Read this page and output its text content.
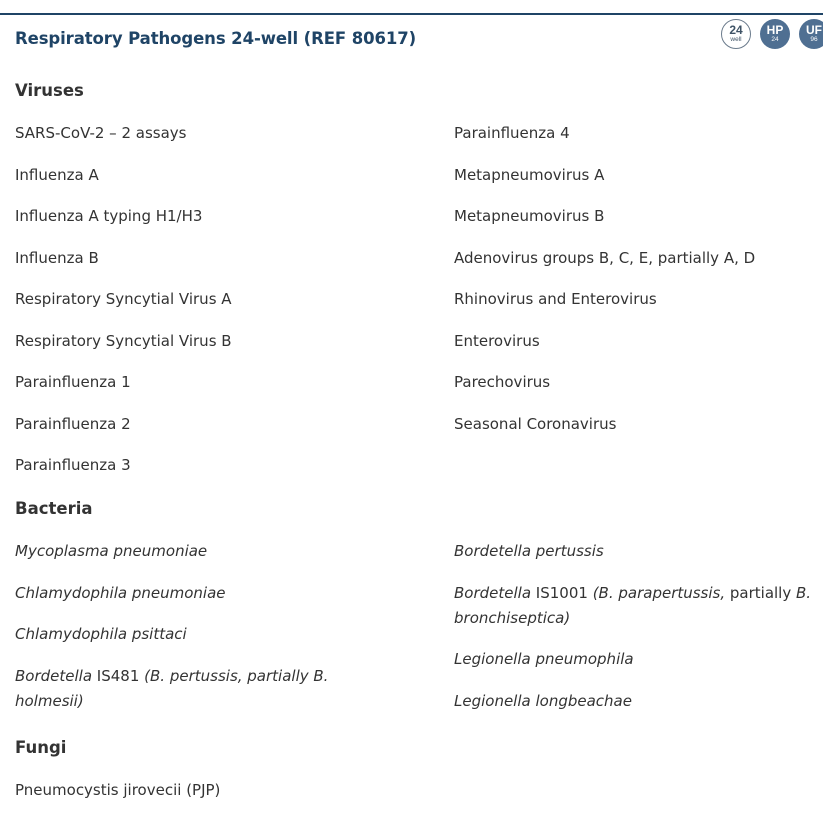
Respiratory Pathogens 24-well (REF 80617)	24
well
HP
24
UF
96
Viruses

SARS-CoV-2 – 2 assays

Influenza A

Influenza A typing H1/H3

Influenza B

Respiratory Syncytial Virus A

Respiratory Syncytial Virus B

Parainfluenza 1

Parainfluenza 2

Parainfluenza 3

Parainfluenza 4

Metapneumovirus A

Metapneumovirus B

Adenovirus groups B, C, E, partially A, D

Rhinovirus and Enterovirus

Enterovirus

Parechovirus

Seasonal Coronavirus

Bacteria

Mycoplasma pneumoniae

Chlamydophila pneumoniae

Chlamydophila psittaci

Bordetella IS481 (B. pertussis, partially B. holmesii)

Bordetella pertussis

Bordetella IS1001 (B. parapertussis, partially B. bronchiseptica)

Legionella pneumophila

Legionella longbeachae

Fungi

Pneumocystis jirovecii (PJP)
